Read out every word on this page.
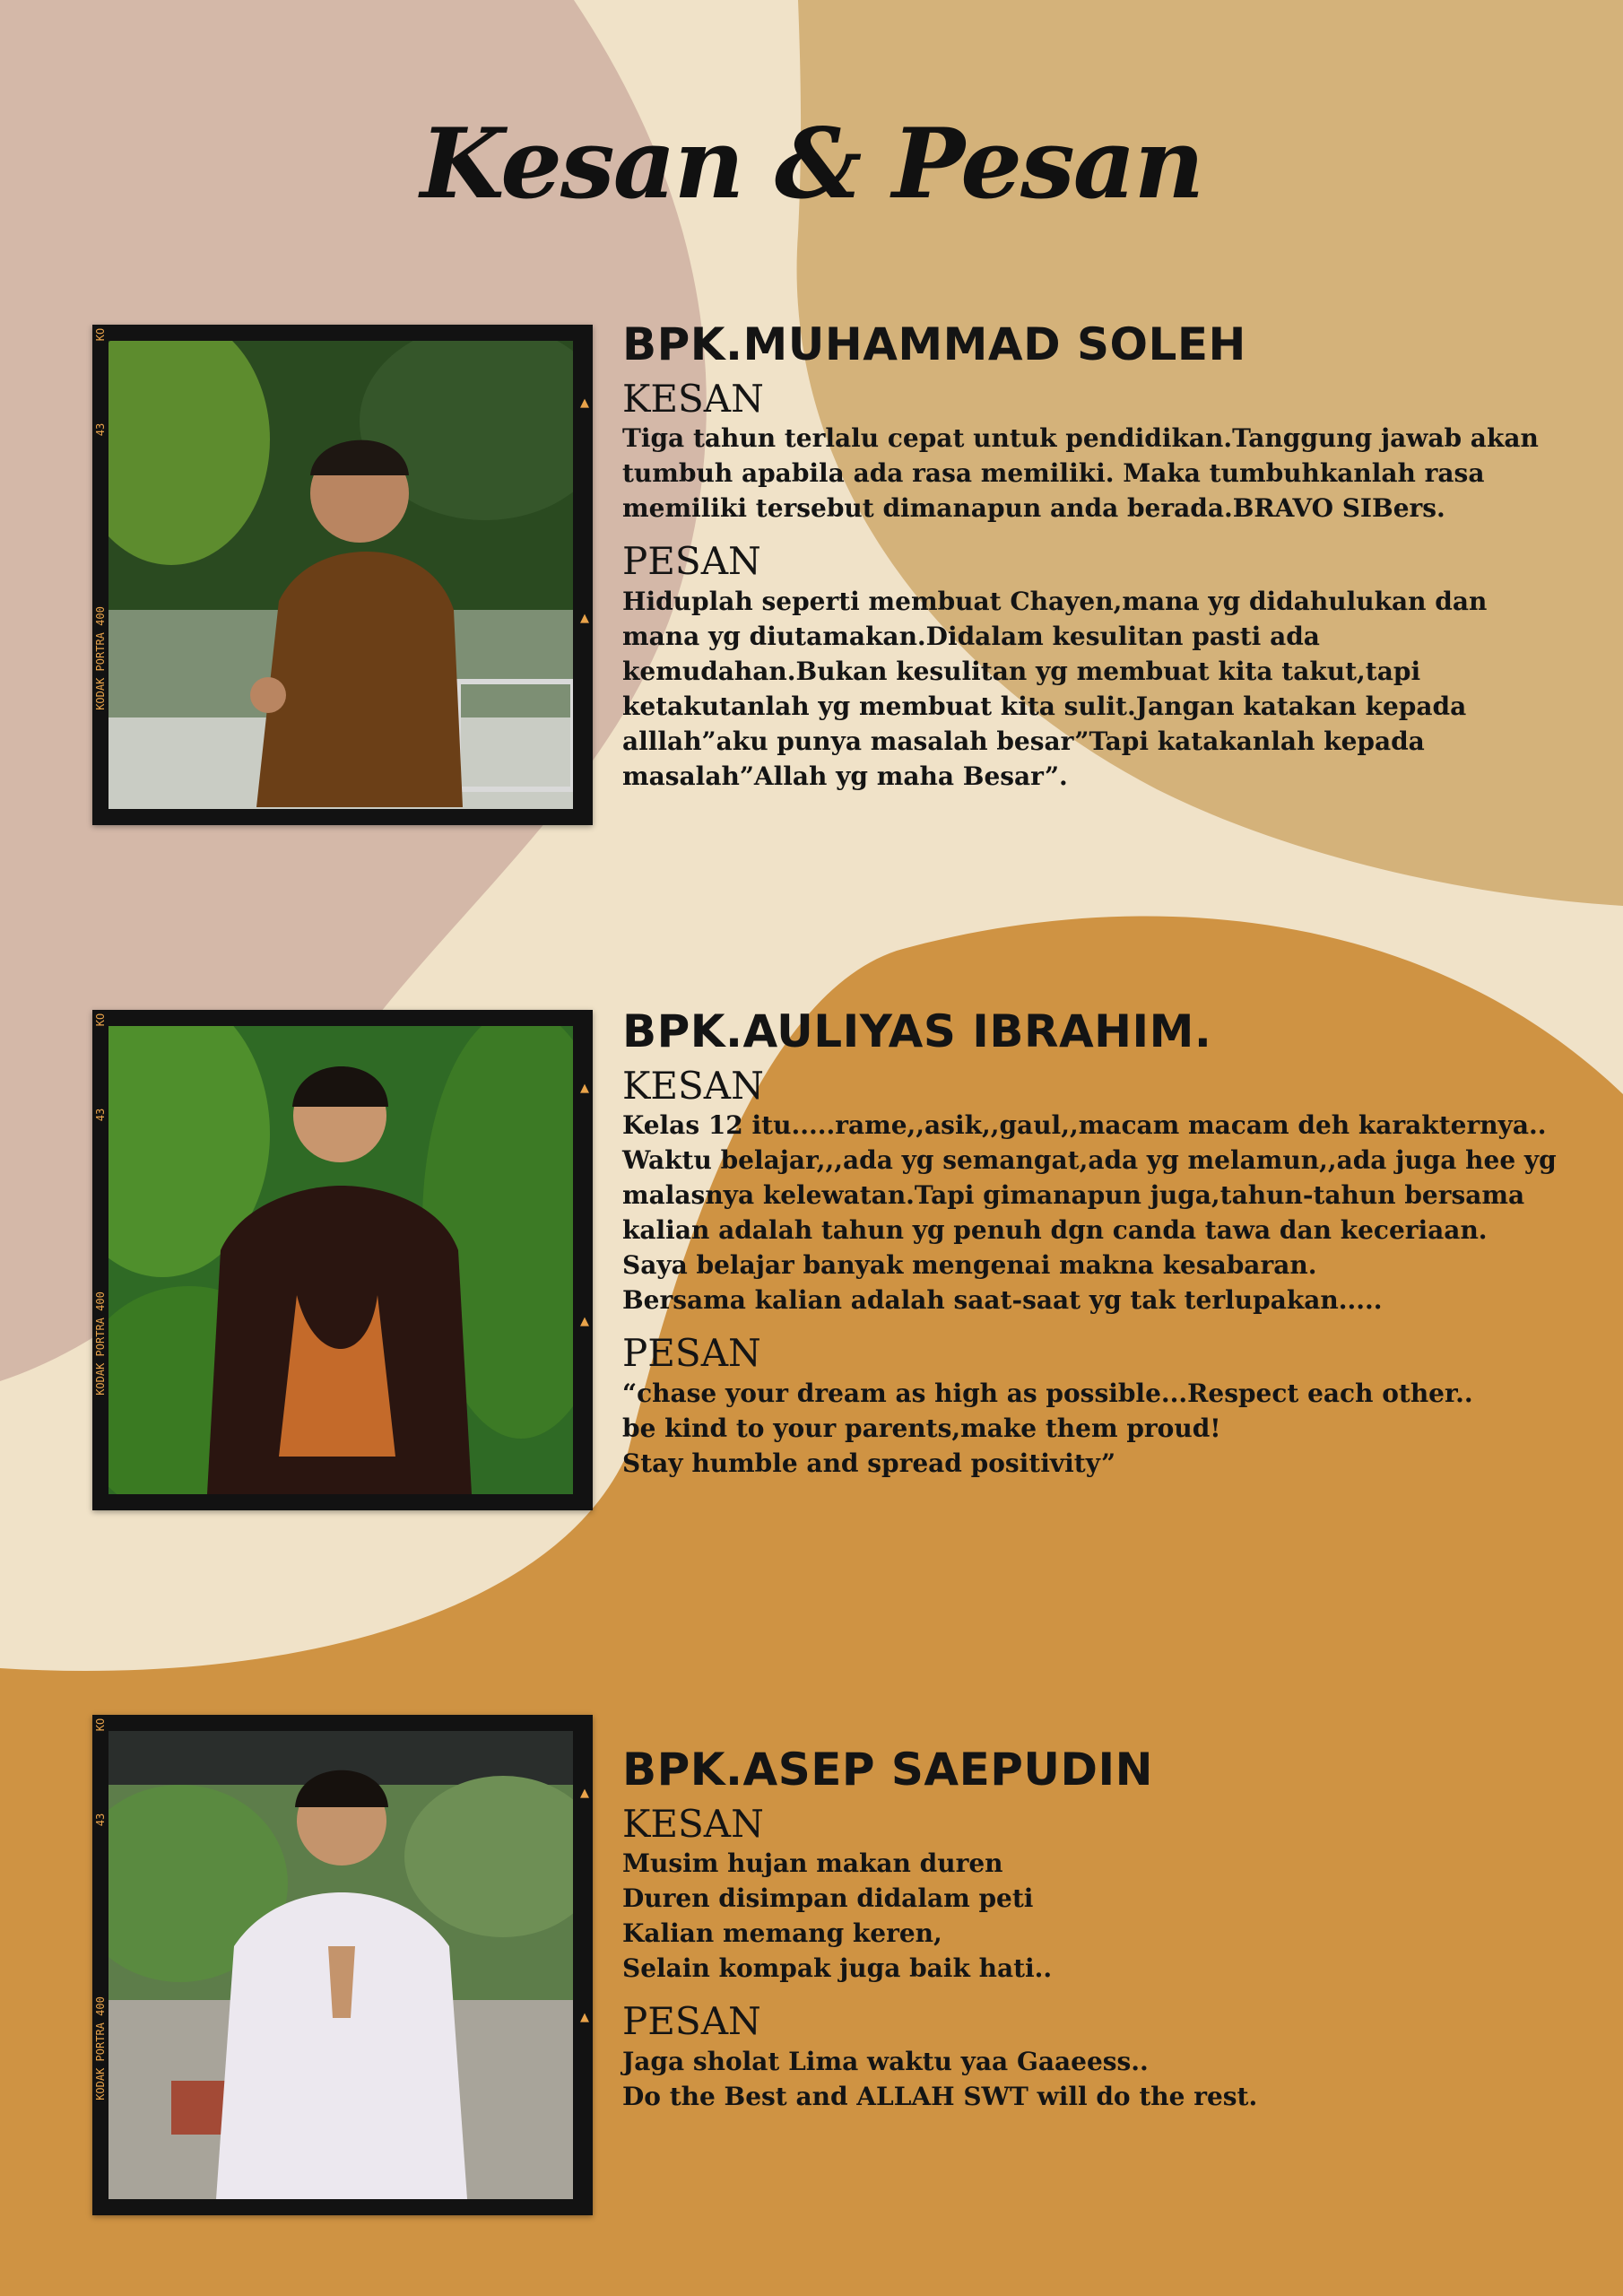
Kesan & Pesan
KO
43
KODAK PORTRA 400
▲
▲
BPK.MUHAMMAD SOLEH
KESAN
Tiga tahun terlalu cepat untuk pendidikan.Tanggung jawab akan
tumbuh apabila ada rasa memiliki. Maka tumbuhkanlah rasa
memiliki tersebut dimanapun anda berada.BRAVO SIBers.
PESAN
Hiduplah seperti membuat Chayen,mana yg didahulukan dan
mana yg diutamakan.Didalam kesulitan pasti ada
kemudahan.Bukan kesulitan yg membuat kita takut,tapi
ketakutanlah yg membuat kita sulit.Jangan katakan kepada
alllah”aku punya masalah besar”Tapi katakanlah kepada
masalah”Allah yg maha Besar”.
KO
43
KODAK PORTRA 400
▲
▲
BPK.AULIYAS IBRAHIM.
KESAN
Kelas 12 itu.....rame,,asik,,gaul,,macam macam deh karakternya..
Waktu belajar,,,ada yg semangat,ada yg melamun,,ada juga hee yg
malasnya kelewatan.Tapi gimanapun juga,tahun-tahun bersama
kalian adalah tahun yg penuh dgn canda tawa dan keceriaan.
Saya belajar banyak mengenai makna kesabaran.
Bersama kalian adalah saat-saat yg tak terlupakan.....
PESAN
“chase your dream as high as possible...Respect each other..
be kind to your parents,make them proud!
Stay humble and spread positivity”
KO
43
KODAK PORTRA 400
▲
▲
BPK.ASEP SAEPUDIN
KESAN
Musim hujan makan duren
Duren disimpan didalam peti
Kalian memang keren,
Selain kompak juga baik hati..
PESAN
Jaga sholat Lima waktu yaa Gaaeess..
Do the Best and ALLAH SWT will do the rest.
